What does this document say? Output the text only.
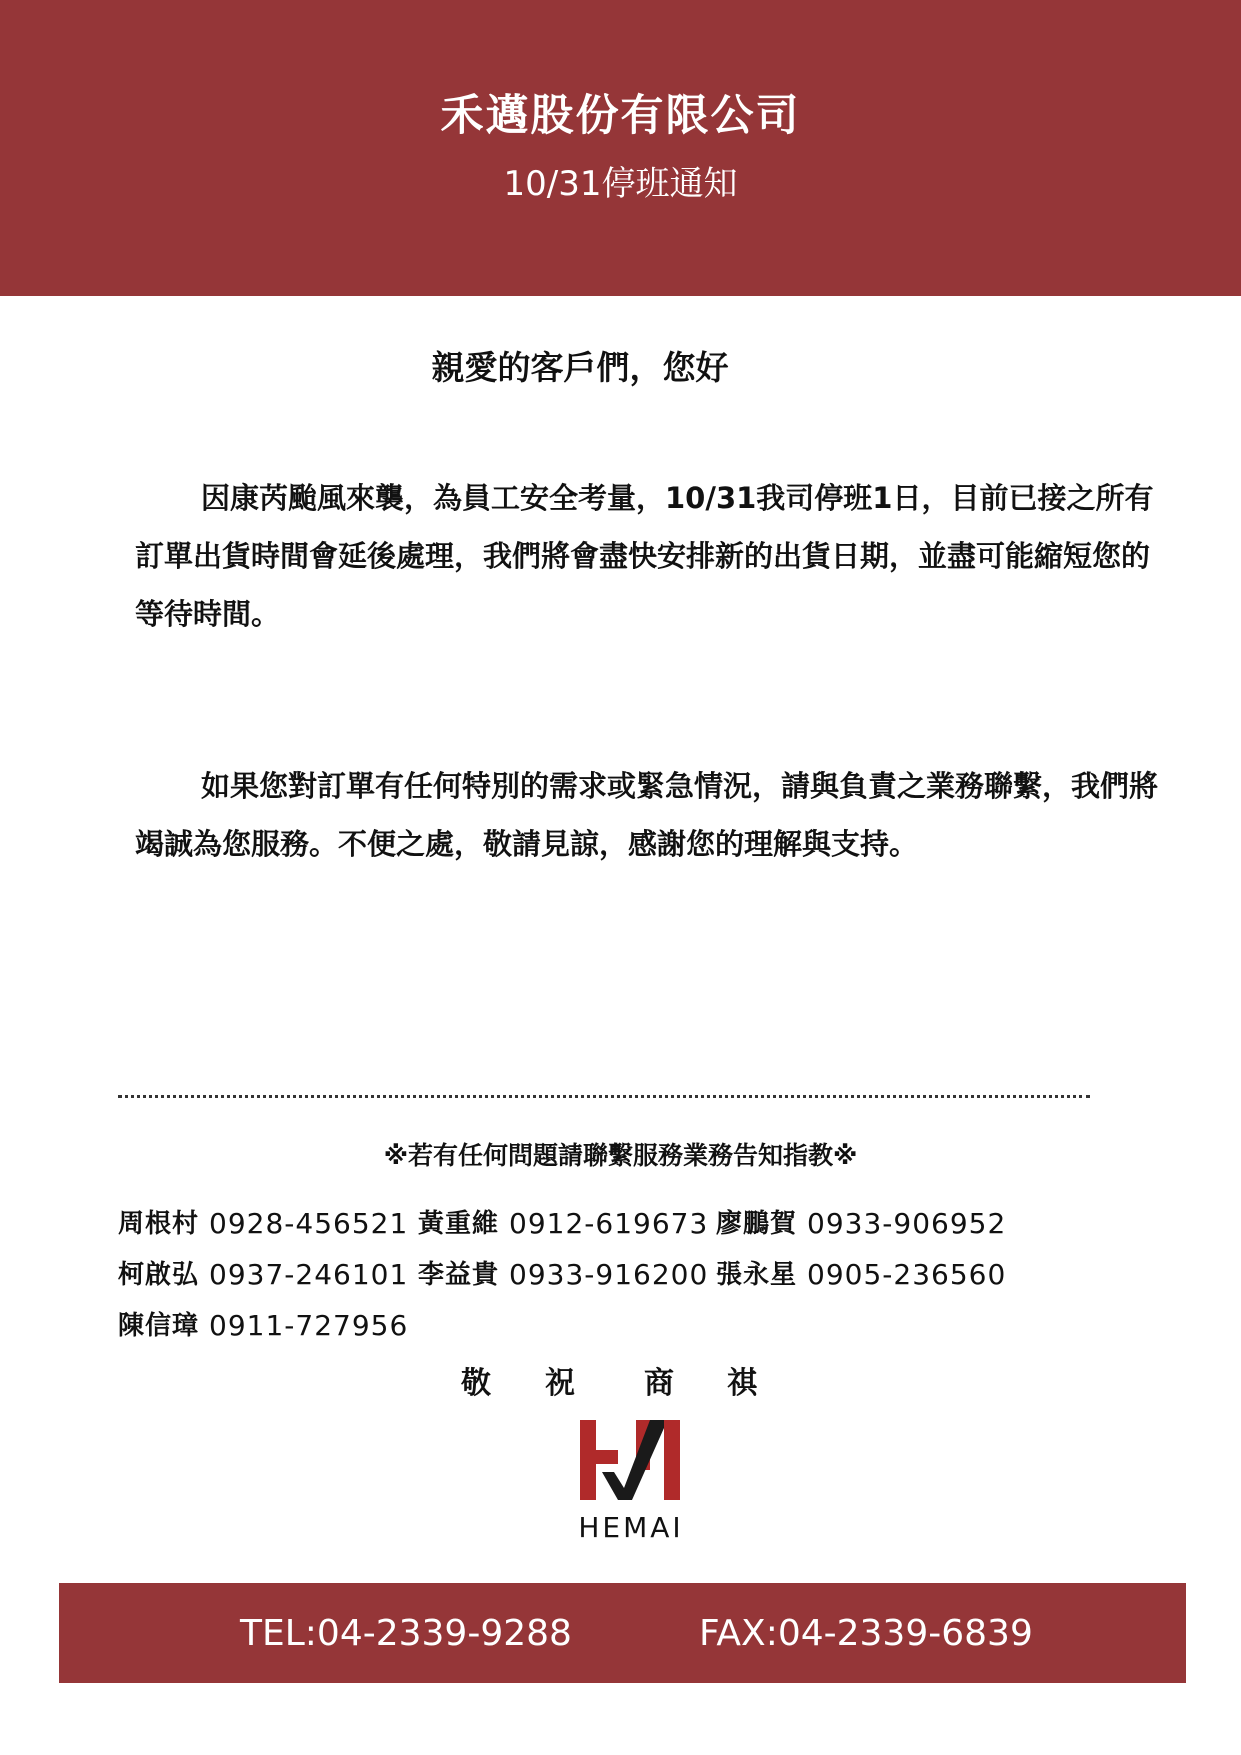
禾邁股份有限公司
10/31停班通知
親愛的客戶們，您好

因康芮颱風來襲，為員工安全考量，10/31我司停班1日，目前已接之所有訂單出貨時間會延後處理，我們將會盡快安排新的出貨日期，並盡可能縮短您的等待時間。

如果您對訂單有任何特別的需求或緊急情況，請與負責之業務聯繫，我們將竭誠為您服務。不便之處，敬請見諒，感謝您的理解與支持。

※若有任何問題請聯繫服務業務告知指教※
周根村 0928-456521 黃重維 0912-619673 廖鵬賀 0933-906952
柯啟弘 0937-246101 李益貴 0933-916200 張永星 0905-236560
陳信璋 0911-727956
敬 祝 商 祺
HEMAI
TEL:04-2339-9288	FAX:04-2339-6839
